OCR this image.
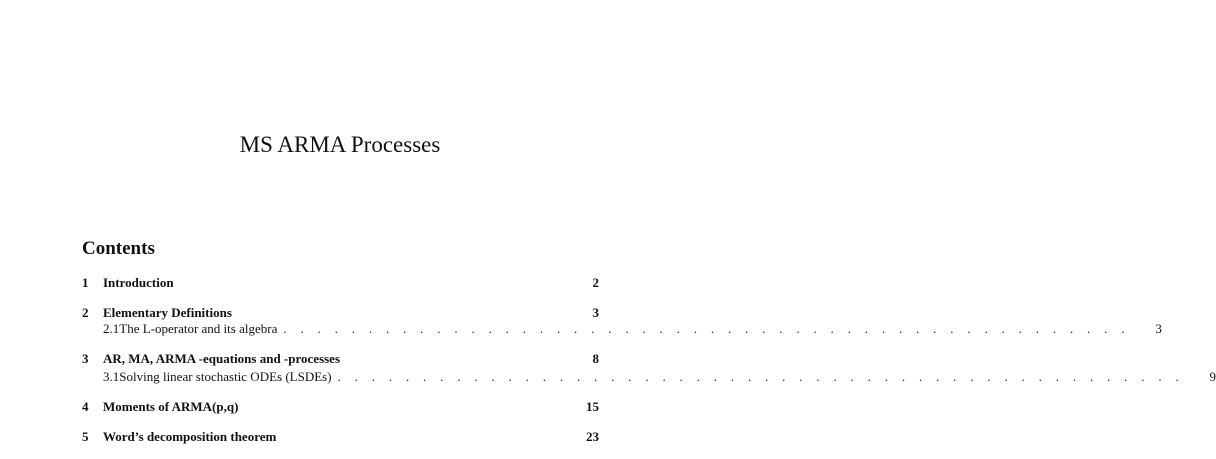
MS ARMA Processes
Contents
1	Introduction	2
2	Elementary Definitions	3
2.1 The L-operator and its algebra . . . . . . . . . . . . . . . . . . . . . . . . . . . . . . . . . . . . . . . . . . . . . . . . . .	3
3	AR, MA, ARMA -equations and -processes	8
3.1 Solving linear stochastic ODEs (LSDEs) . . . . . . . . . . . . . . . . . . . . . . . . . . . . . . . . . . . . . . . . . . . . . . . . . .	9
4	Moments of ARMA(p,q)	15
5	Word’s decomposition theorem	23
